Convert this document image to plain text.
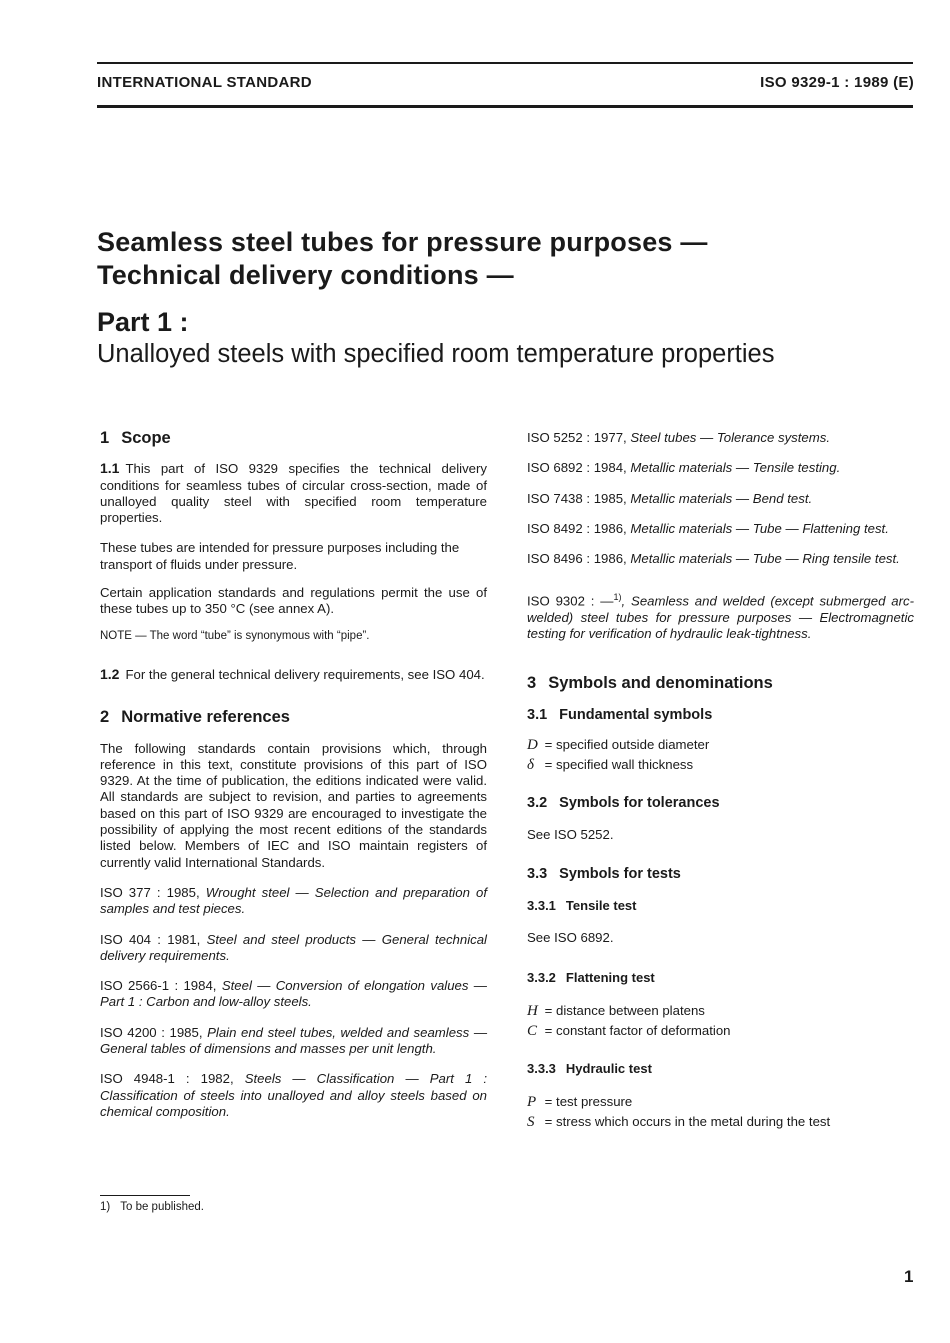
INTERNATIONAL STANDARD	ISO 9329-1 : 1989 (E)

Seamless steel tubes for pressure purposes —

Technical delivery conditions —

Part 1 :

Unalloyed steels with specified room temperature properties

1 Scope

1.1 This part of ISO 9329 specifies the technical delivery conditions for seamless tubes of circular cross-section, made of unalloyed quality steel with specified room temperature properties.

These tubes are intended for pressure purposes including the transport of fluids under pressure.

Certain application standards and regulations permit the use of these tubes up to 350 °C (see annex A).

NOTE — The word “tube” is synonymous with “pipe”.

1.2 For the general technical delivery requirements, see ISO 404.

2 Normative references

The following standards contain provisions which, through reference in this text, constitute provisions of this part of ISO 9329. At the time of publication, the editions indicated were valid. All standards are subject to revision, and parties to agreements based on this part of ISO 9329 are encouraged to investigate the possibility of applying the most recent editions of the standards listed below. Members of IEC and ISO maintain registers of currently valid International Standards.

ISO 377 : 1985, Wrought steel — Selection and preparation of samples and test pieces.

ISO 404 : 1981, Steel and steel products — General technical delivery requirements.

ISO 2566-1 : 1984, Steel — Conversion of elongation values — Part 1 : Carbon and low-alloy steels.

ISO 4200 : 1985, Plain end steel tubes, welded and seamless — General tables of dimensions and masses per unit length.

ISO 4948-1 : 1982, Steels — Classification — Part 1 : Classification of steels into unalloyed and alloy steels based on chemical composition.

ISO 5252 : 1977, Steel tubes — Tolerance systems.

ISO 6892 : 1984, Metallic materials — Tensile testing.

ISO 7438 : 1985, Metallic materials — Bend test.

ISO 8492 : 1986, Metallic materials — Tube — Flattening test.

ISO 8496 : 1986, Metallic materials — Tube — Ring tensile test.

ISO 9302 : —$^{1)}$, Seamless and welded (except submerged arc-welded) steel tubes for pressure purposes — Electromagnetic testing for verification of hydraulic leak-tightness.

3 Symbols and denominations
3.1 Fundamental symbols
D = specified outside diameter
δ = specified wall thickness
3.2 Symbols for tolerances

See ISO 5252.

3.3 Symbols for tests
3.3.1 Tensile test

See ISO 6892.

3.3.2 Flattening test
H = distance between platens
C = constant factor of deformation
3.3.3 Hydraulic test
P = test pressure
S = stress which occurs in the metal during the test
1) To be published.
1
